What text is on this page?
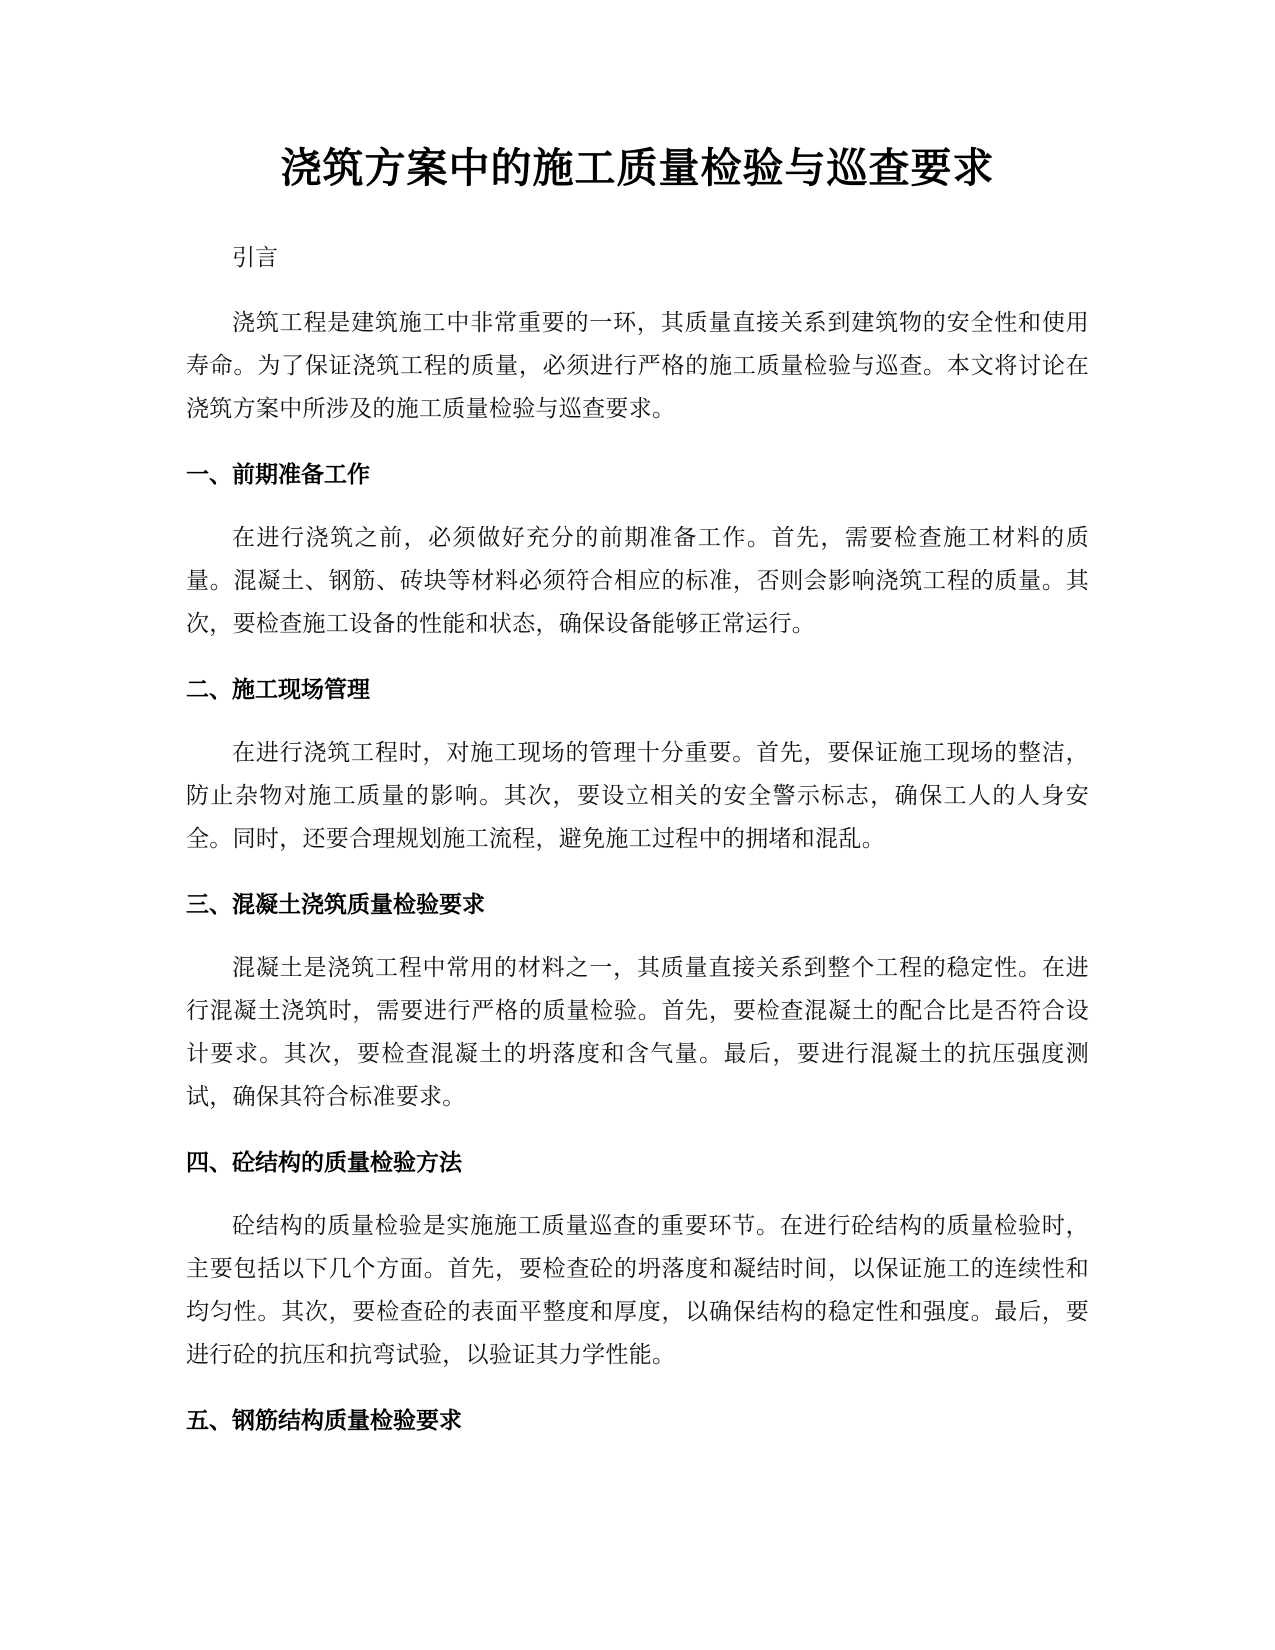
浇筑方案中的施工质量检验与巡查要求

引言

浇筑工程是建筑施工中非常重要的一环，其质量直接关系到建筑物的安全性和使用寿命。为了保证浇筑工程的质量，必须进行严格的施工质量检验与巡查。本文将讨论在浇筑方案中所涉及的施工质量检验与巡查要求。

一、前期准备工作

在进行浇筑之前，必须做好充分的前期准备工作。首先，需要检查施工材料的质量。混凝土、钢筋、砖块等材料必须符合相应的标准，否则会影响浇筑工程的质量。其次，要检查施工设备的性能和状态，确保设备能够正常运行。

二、施工现场管理

在进行浇筑工程时，对施工现场的管理十分重要。首先，要保证施工现场的整洁，防止杂物对施工质量的影响。其次，要设立相关的安全警示标志，确保工人的人身安全。同时，还要合理规划施工流程，避免施工过程中的拥堵和混乱。

三、混凝土浇筑质量检验要求

混凝土是浇筑工程中常用的材料之一，其质量直接关系到整个工程的稳定性。在进行混凝土浇筑时，需要进行严格的质量检验。首先，要检查混凝土的配合比是否符合设计要求。其次，要检查混凝土的坍落度和含气量。最后，要进行混凝土的抗压强度测试，确保其符合标准要求。

四、砼结构的质量检验方法

砼结构的质量检验是实施施工质量巡查的重要环节。在进行砼结构的质量检验时，主要包括以下几个方面。首先，要检查砼的坍落度和凝结时间，以保证施工的连续性和均匀性。其次，要检查砼的表面平整度和厚度，以确保结构的稳定性和强度。最后，要进行砼的抗压和抗弯试验，以验证其力学性能。

五、钢筋结构质量检验要求
